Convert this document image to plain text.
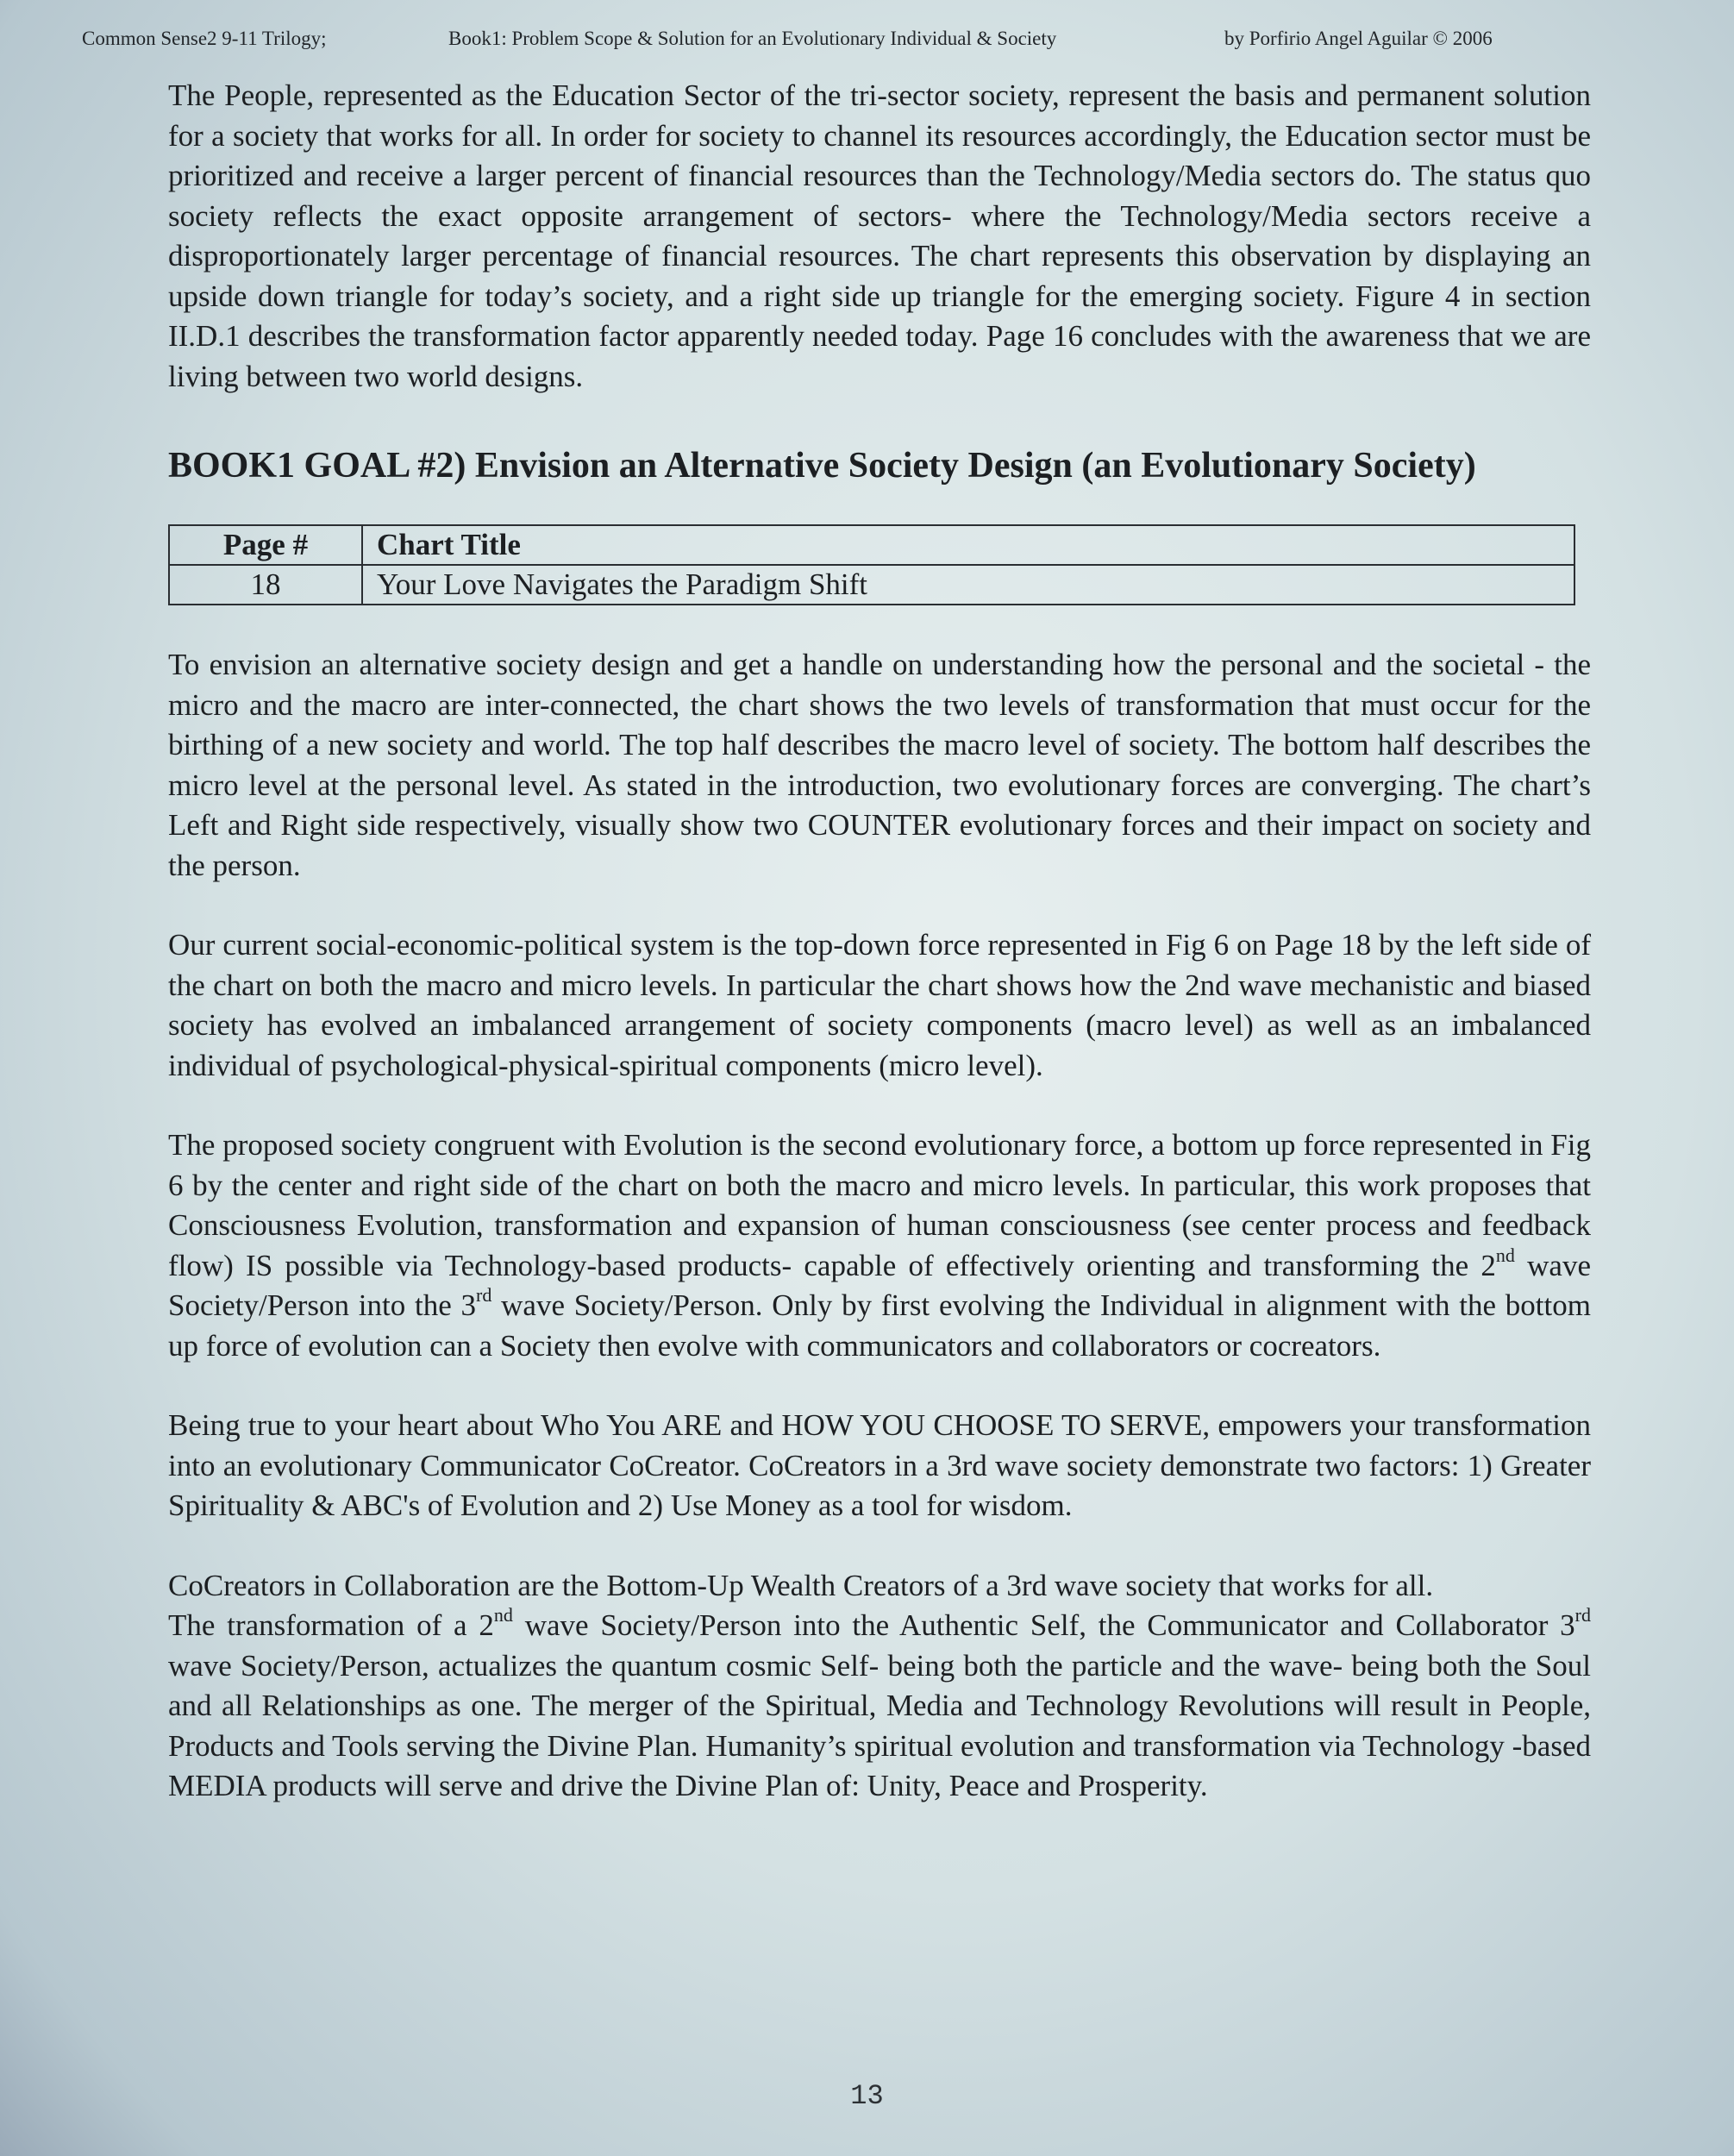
Common Sense2 9-11 Trilogy;	Book1: Problem Scope & Solution for an Evolutionary Individual & Society	by Porfirio Angel Aguilar © 2006

The People, represented as the Education Sector of the tri-sector society, represent the basis and permanent solution for a society that works for all. In order for society to channel its resources accordingly, the Education sector must be prioritized and receive a larger percent of financial resources than the Technology/Media sectors do. The status quo society reflects the exact opposite arrangement of sectors- where the Technology/Media sectors receive a disproportionately larger percentage of financial resources. The chart represents this observation by displaying an upside down triangle for today’s society, and a right side up triangle for the emerging society. Figure 4 in section II.D.1 describes the transformation factor apparently needed today. Page 16 concludes with the awareness that we are living between two world designs.

BOOK1 GOAL #2) Envision an Alternative Society Design (an Evolutionary Society)
Page #	Chart Title
18	Your Love Navigates the Paradigm Shift

To envision an alternative society design and get a handle on understanding how the personal and the societal - the micro and the macro are inter-connected, the chart shows the two levels of transformation that must occur for the birthing of a new society and world. The top half describes the macro level of society. The bottom half describes the micro level at the personal level. As stated in the introduction, two evolutionary forces are converging. The chart’s Left and Right side respectively, visually show two COUNTER evolutionary forces and their impact on society and the person.

Our current social-economic-political system is the top-down force represented in Fig 6 on Page 18 by the left side of the chart on both the macro and micro levels. In particular the chart shows how the 2nd wave mechanistic and biased society has evolved an imbalanced arrangement of society components (macro level) as well as an imbalanced individual of psychological-physical-spiritual components (micro level).

The proposed society congruent with Evolution is the second evolutionary force, a bottom up force represented in Fig 6 by the center and right side of the chart on both the macro and micro levels. In particular, this work proposes that Consciousness Evolution, transformation and expansion of human consciousness (see center process and feedback flow) IS possible via Technology-based products- capable of effectively orienting and transforming the 2nd wave Society/Person into the 3rd wave Society/Person. Only by first evolving the Individual in alignment with the bottom up force of evolution can a Society then evolve with communicators and collaborators or cocreators.

Being true to your heart about Who You ARE and HOW YOU CHOOSE TO SERVE, empowers your transformation into an evolutionary Communicator CoCreator. CoCreators in a 3rd wave society demonstrate two factors: 1) Greater Spirituality & ABC's of Evolution and 2) Use Money as a tool for wisdom.

CoCreators in Collaboration are the Bottom-Up Wealth Creators of a 3rd wave society that works for all.
The transformation of a 2nd wave Society/Person into the Authentic Self, the Communicator and Collaborator 3rd wave Society/Person, actualizes the quantum cosmic Self- being both the particle and the wave- being both the Soul and all Relationships as one. The merger of the Spiritual, Media and Technology Revolutions will result in People, Products and Tools serving the Divine Plan. Humanity’s spiritual evolution and transformation via Technology -based MEDIA products will serve and drive the Divine Plan of: Unity, Peace and Prosperity.

13
